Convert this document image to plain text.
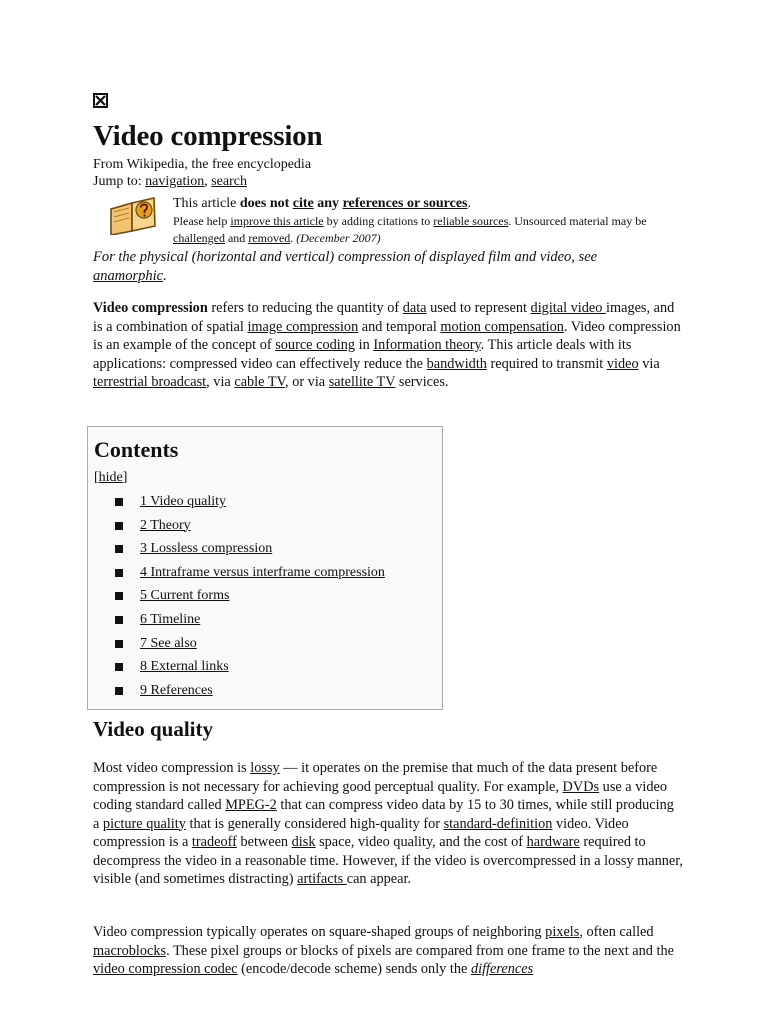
Video compression

From Wikipedia, the free encyclopedia

Jump to: navigation, search

This article does not cite any references or sources.

Please help improve this article by adding citations to reliable sources. Unsourced material may be challenged and removed. (December 2007)

For the physical (horizontal and vertical) compression of displayed film and video, see anamorphic.

Video compression refers to reducing the quantity of data used to represent digital video images, and is a combination of spatial image compression and temporal motion compensation. Video compression is an example of the concept of source coding in Information theory. This article deals with its applications: compressed video can effectively reduce the bandwidth required to transmit video via terrestrial broadcast, via cable TV, or via satellite TV services.

Contents

[hide]

1 Video quality
2 Theory
3 Lossless compression
4 Intraframe versus interframe compression
5 Current forms
6 Timeline
7 See also
8 External links
9 References
Video quality

Most video compression is lossy — it operates on the premise that much of the data present before compression is not necessary for achieving good perceptual quality. For example, DVDs use a video coding standard called MPEG-2 that can compress video data by 15 to 30 times, while still producing a picture quality that is generally considered high-quality for standard-definition video. Video compression is a tradeoff between disk space, video quality, and the cost of hardware required to decompress the video in a reasonable time. However, if the video is overcompressed in a lossy manner, visible (and sometimes distracting) artifacts can appear.

Video compression typically operates on square-shaped groups of neighboring pixels, often called macroblocks. These pixel groups or blocks of pixels are compared from one frame to the next and the video compression codec (encode/decode scheme) sends only the differences
